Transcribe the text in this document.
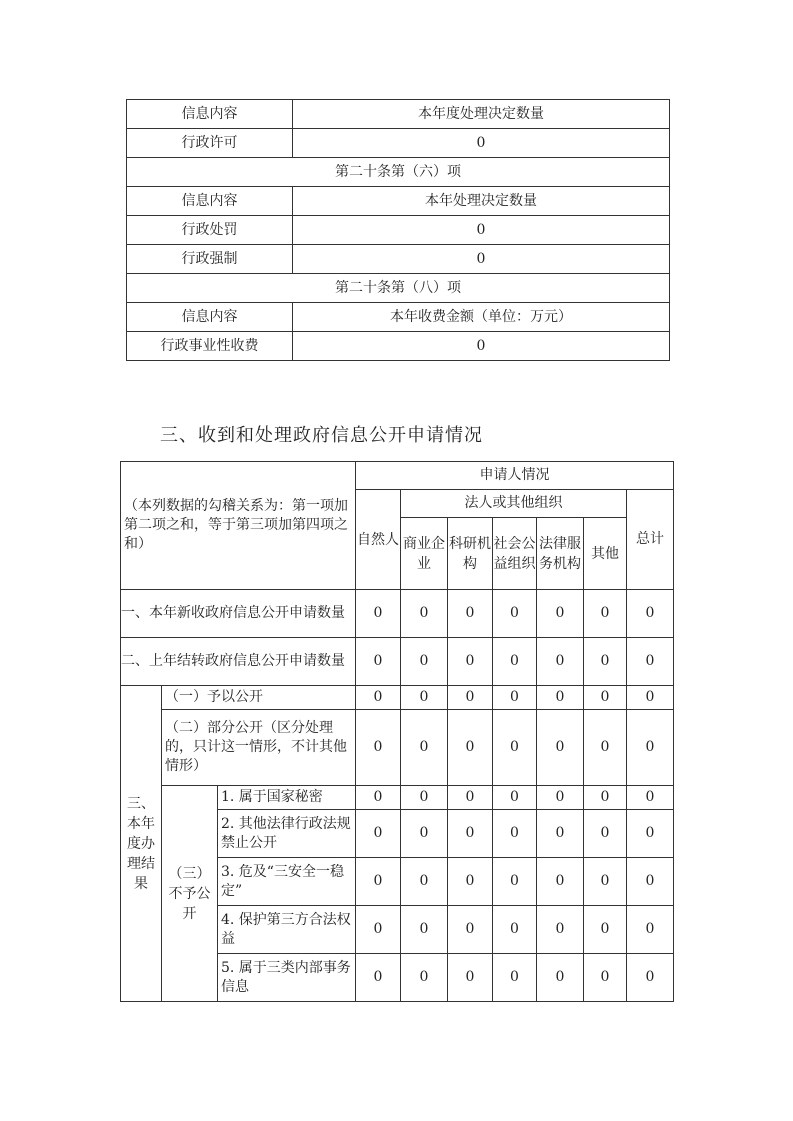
信息内容	本年度处理决定数量
行政许可	0
第二十条第（六）项	
信息内容	本年处理决定数量
行政处罚	0
行政强制	0
第二十条第（八）项	
信息内容	本年收费金额（单位：万元）
行政事业性收费	0
三、收到和处理政府信息公开申请情况
（本列数据的勾稽关系为：第一项加第二项之和，等于第三项加第四项之和）			申请人情况						
			自然人	法人或其他组织					总计
				商业企业	科研机构	社会公益组织	法律服务机构	其他	
一、本年新收政府信息公开申请数量			0	0	0	0	0	0	0
二、上年结转政府信息公开申请数量			0	0	0	0	0	0	0
三、本年度办理结果	（一）予以公开		0	0	0	0	0	0	0
	（二）部分公开（区分处理的，只计这一情形，不计其他情形）		0	0	0	0	0	0	0
	（三）不予公开	1. 属于国家秘密	0	0	0	0	0	0	0
		2. 其他法律行政法规禁止公开	0	0	0	0	0	0	0
		3. 危及“三安全一稳定”	0	0	0	0	0	0	0
		4. 保护第三方合法权益	0	0	0	0	0	0	0
		5. 属于三类内部事务信息	0	0	0	0	0	0	0
